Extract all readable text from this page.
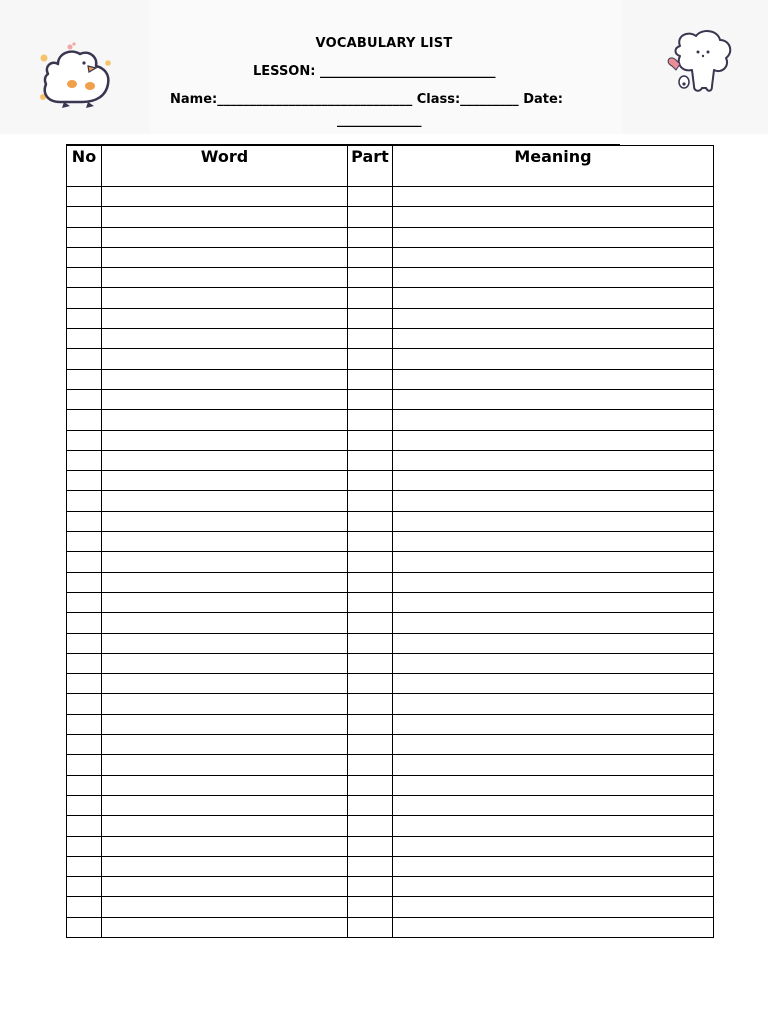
VOCABULARY LIST
LESSON: ___________________________
Name:______________________________ Class:_________ Date:
_____________
No	Word	Part	Meaning
